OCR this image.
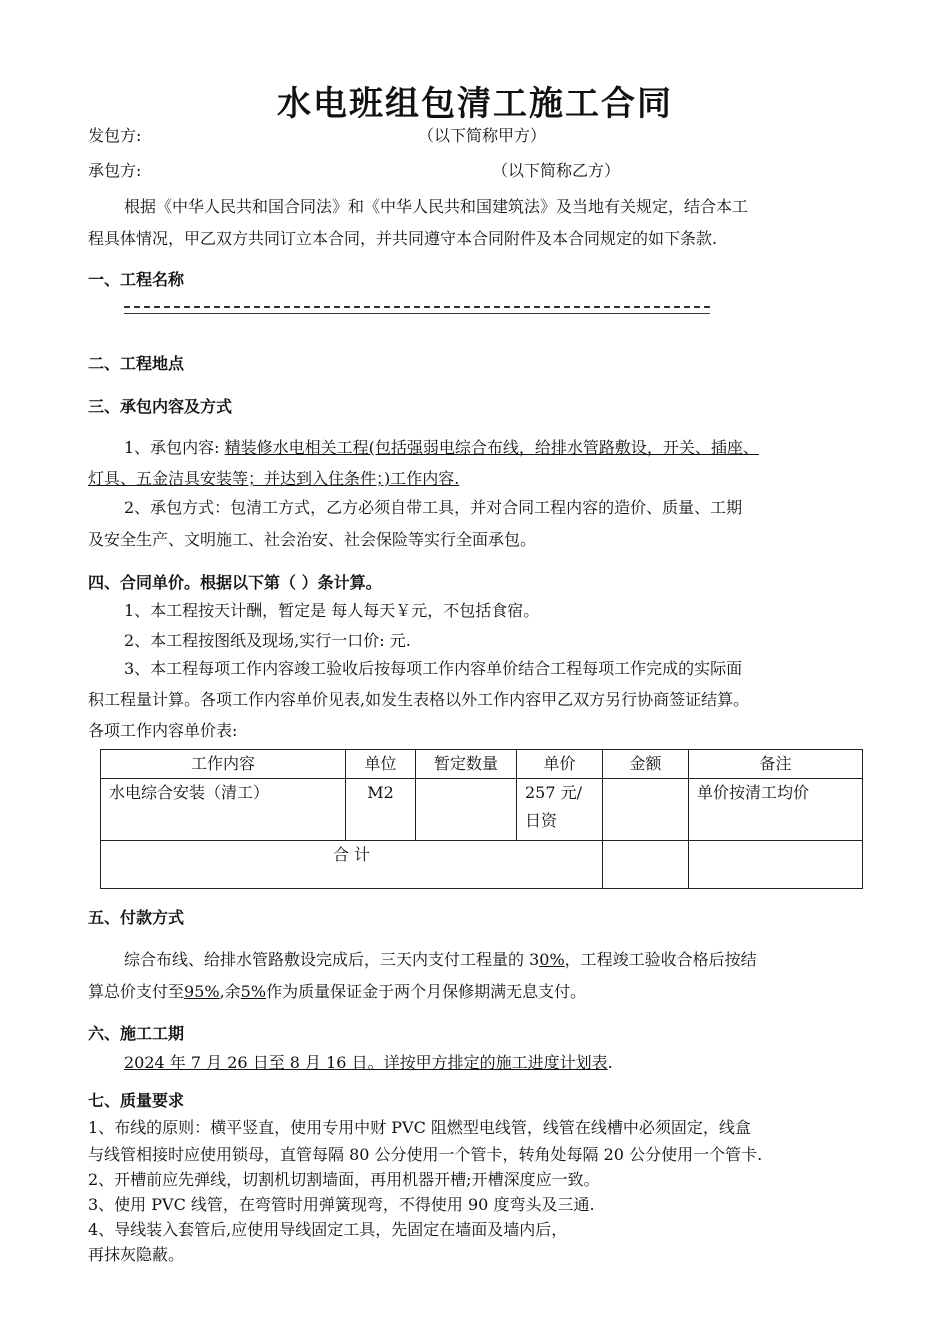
水电班组包清工施工合同
发包方:	（以下简称甲方）
承包方:	（以下简称乙方）
根据《中华人民共和国合同法》和《中华人民共和国建筑法》及当地有关规定，结合本工
程具体情况，甲乙双方共同订立本合同，并共同遵守本合同附件及本合同规定的如下条款.
一、工程名称
二、工程地点
三、承包内容及方式
1、承包内容: 精装修水电相关工程(包括强弱电综合布线，给排水管路敷设，开关、插座、
灯具、五金洁具安装等；并达到入住条件；)工作内容.
2、承包方式：包清工方式，乙方必须自带工具，并对合同工程内容的造价、质量、工期
及安全生产、文明施工、社会治安、社会保险等实行全面承包。
四、合同单价。根据以下第（ ）条计算。
1、本工程按天计酬，暂定是 每人每天￥元，不包括食宿。
2、本工程按图纸及现场,实行一口价: 元.
3、本工程每项工作内容竣工验收后按每项工作内容单价结合工程每项工作完成的实际面
积工程量计算。各项工作内容单价见表,如发生表格以外工作内容甲乙双方另行协商签证结算。
各项工作内容单价表:
工作内容	单位	暂定数量	单价	金额	备注
水电综合安装（清工）	M2		257 元/
日资		单价按清工均价
合 计					
五、付款方式
综合布线、给排水管路敷设完成后，三天内支付工程量的 30%，工程竣工验收合格后按结
算总价支付至95%,余5%作为质量保证金于两个月保修期满无息支付。
六、施工工期
2024 年 7 月 26 日至 8 月 16 日。详按甲方排定的施工进度计划表.
七、质量要求
1、布线的原则：横平竖直，使用专用中财 PVC 阻燃型电线管，线管在线槽中必须固定，线盒
与线管相接时应使用锁母，直管每隔 80 公分使用一个管卡，转角处每隔 20 公分使用一个管卡.
2、开槽前应先弹线，切割机切割墙面，再用机器开槽;开槽深度应一致。
3、使用 PVC 线管，在弯管时用弹簧现弯，不得使用 90 度弯头及三通.
4、导线装入套管后,应使用导线固定工具，先固定在墙面及墙内后，
再抹灰隐蔽。
